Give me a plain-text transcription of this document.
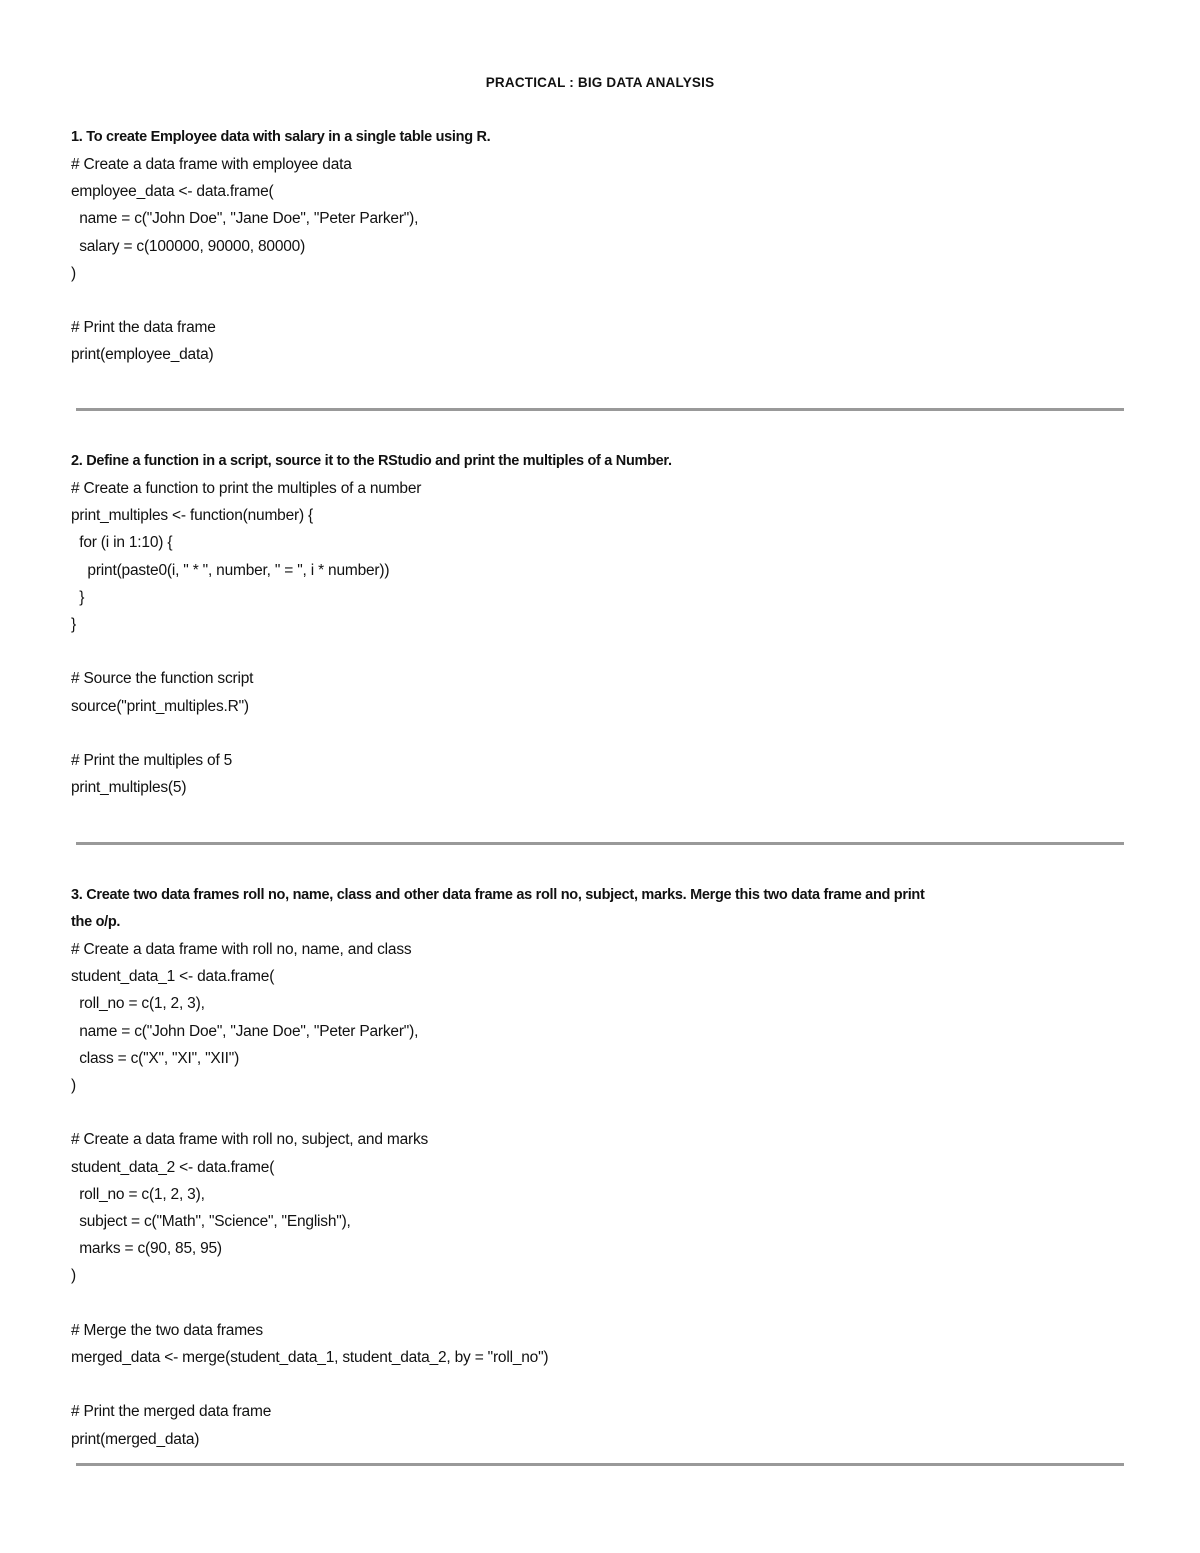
PRACTICAL : BIG DATA ANALYSIS
1. To create Employee data with salary in a single table using R.
# Create a data frame with employee data
employee_data <- data.frame(
name = c("John Doe", "Jane Doe", "Peter Parker"),
salary = c(100000, 90000, 80000)
)
# Print the data frame
print(employee_data)
2. Define a function in a script, source it to the RStudio and print the multiples of a Number.
# Create a function to print the multiples of a number
print_multiples <- function(number) {
for (i in 1:10) {
print(paste0(i, " * ", number, " = ", i * number))
}
}
# Source the function script
source("print_multiples.R")
# Print the multiples of 5
print_multiples(5)
3. Create two data frames roll no, name, class and other data frame as roll no, subject, marks. Merge this two data frame and print
the o/p.
# Create a data frame with roll no, name, and class
student_data_1 <- data.frame(
roll_no = c(1, 2, 3),
name = c("John Doe", "Jane Doe", "Peter Parker"),
class = c("X", "XI", "XII")
)
# Create a data frame with roll no, subject, and marks
student_data_2 <- data.frame(
roll_no = c(1, 2, 3),
subject = c("Math", "Science", "English"),
marks = c(90, 85, 95)
)
# Merge the two data frames
merged_data <- merge(student_data_1, student_data_2, by = "roll_no")
# Print the merged data frame
print(merged_data)
